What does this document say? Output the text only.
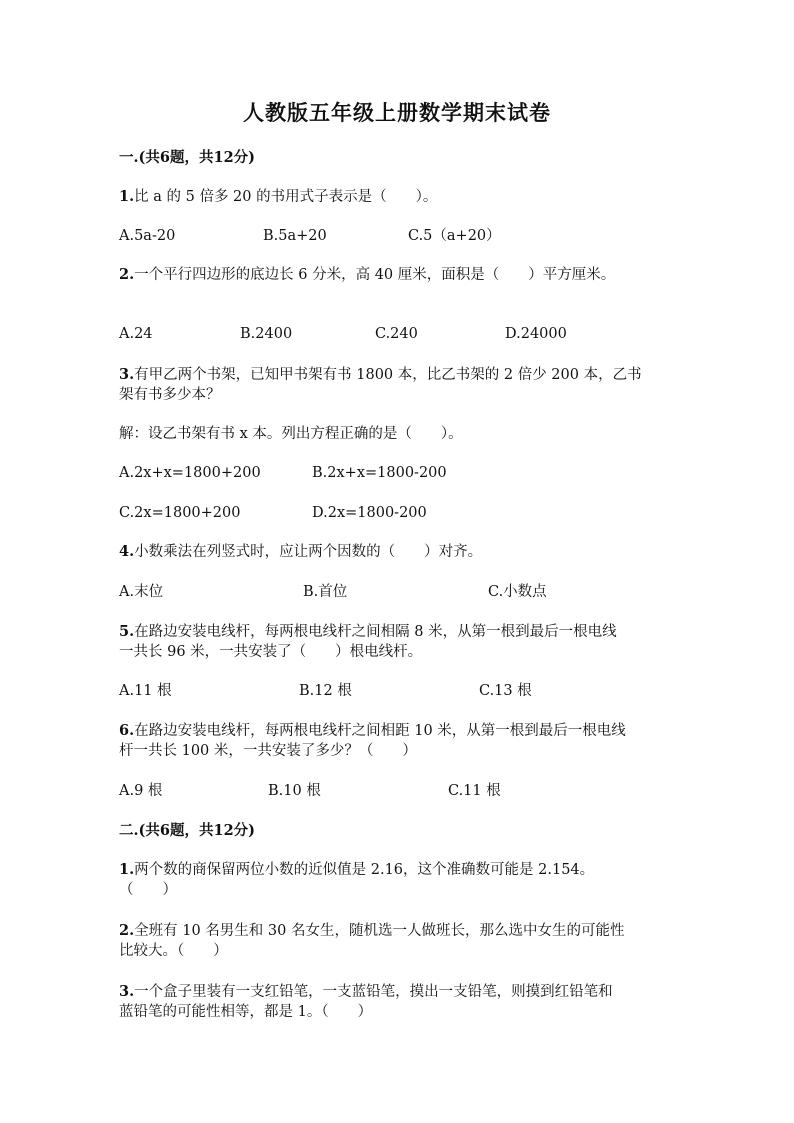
人教版五年级上册数学期末试卷
一.(共6题，共12分)
1.比 a 的 5 倍多 20 的书用式子表示是（　　）。
A.5a-20	B.5a+20	C.5（a+20）
2.一个平行四边形的底边长 6 分米，高 40 厘米，面积是（　　）平方厘米。
A.24	B.2400	C.240	D.24000
3.有甲乙两个书架，已知甲书架有书 1800 本，比乙书架的 2 倍少 200 本，乙书
架有书多少本？
解：设乙书架有书 x 本。列出方程正确的是（　　）。
A.2x+x=1800+200	B.2x+x=1800-200
C.2x=1800+200	D.2x=1800-200
4.小数乘法在列竖式时，应让两个因数的（　　）对齐。
A.末位	B.首位	C.小数点
5.在路边安装电线杆，每两根电线杆之间相隔 8 米，从第一根到最后一根电线
一共长 96 米，一共安装了（　　）根电线杆。
A.11 根	B.12 根	C.13 根
6.在路边安装电线杆，每两根电线杆之间相距 10 米，从第一根到最后一根电线
杆一共长 100 米，一共安装了多少？（　　）
A.9 根	B.10 根	C.11 根
二.(共6题，共12分)
1.两个数的商保留两位小数的近似值是 2.16，这个准确数可能是 2.154。
（　　）
2.全班有 10 名男生和 30 名女生，随机选一人做班长，那么选中女生的可能性
比较大。（　　）
3.一个盒子里装有一支红铅笔，一支蓝铅笔，摸出一支铅笔，则摸到红铅笔和
蓝铅笔的可能性相等，都是 1。（　　）
